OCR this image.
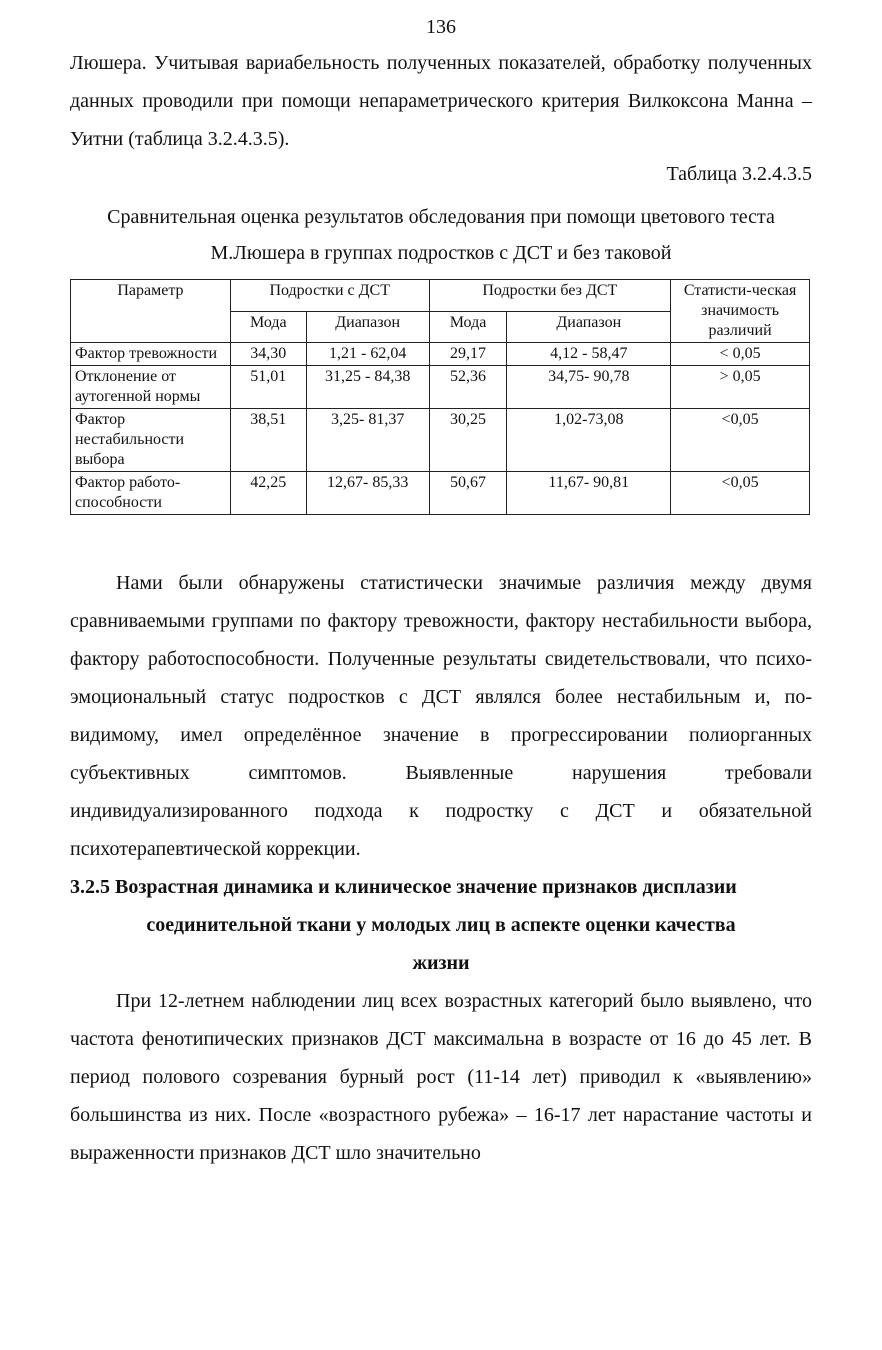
136

Люшера. Учитывая вариабельность полученных показателей, обработку полученных данных проводили при помощи непараметрического критерия Вилкоксона Манна – Уитни (таблица 3.2.4.3.5).

Таблица 3.2.4.3.5

Сравнительная оценка результатов обследования при помощи цветового теста М.Люшера в группах подростков с ДСТ и без таковой

Параметр	Подростки с ДСТ		Подростки без ДСТ		Статисти-ческая значимость различий
	Мода	Диапазон	Мода	Диапазон	
Фактор тревожности	34,30	1,21 - 62,04	29,17	4,12 - 58,47	< 0,05
Отклонение от аутогенной нормы	51,01	31,25 - 84,38	52,36	34,75- 90,78	> 0,05
Фактор нестабильности выбора	38,51	3,25- 81,37	30,25	1,02-73,08	<0,05
Фактор работо-способности	42,25	12,67- 85,33	50,67	11,67- 90,81	<0,05

Нами были обнаружены статистически значимые различия между двумя сравниваемыми группами по фактору тревожности, фактору нестабильности выбора, фактору работоспособности. Полученные результаты свидетельствовали, что психо-эмоциональный статус подростков с ДСТ являлся более нестабильным и, по-видимому, имел определённое значение в прогрессировании полиорганных субъективных симптомов. Выявленные нарушения требовали индивидуализированного подхода к подростку с ДСТ и обязательной психотерапевтической коррекции.

3.2.5 Возрастная динамика и клиническое значение признаков дисплазии
соединительной ткани у молодых лиц в аспекте оценки качества
жизни

При 12-летнем наблюдении лиц всех возрастных категорий было выявлено, что частота фенотипических признаков ДСТ максимальна в возрасте от 16 до 45 лет. В период полового созревания бурный рост (11-14 лет) приводил к «выявлению» большинства из них. После «возрастного рубежа» – 16-17 лет нарастание частоты и выраженности признаков ДСТ шло значительно
